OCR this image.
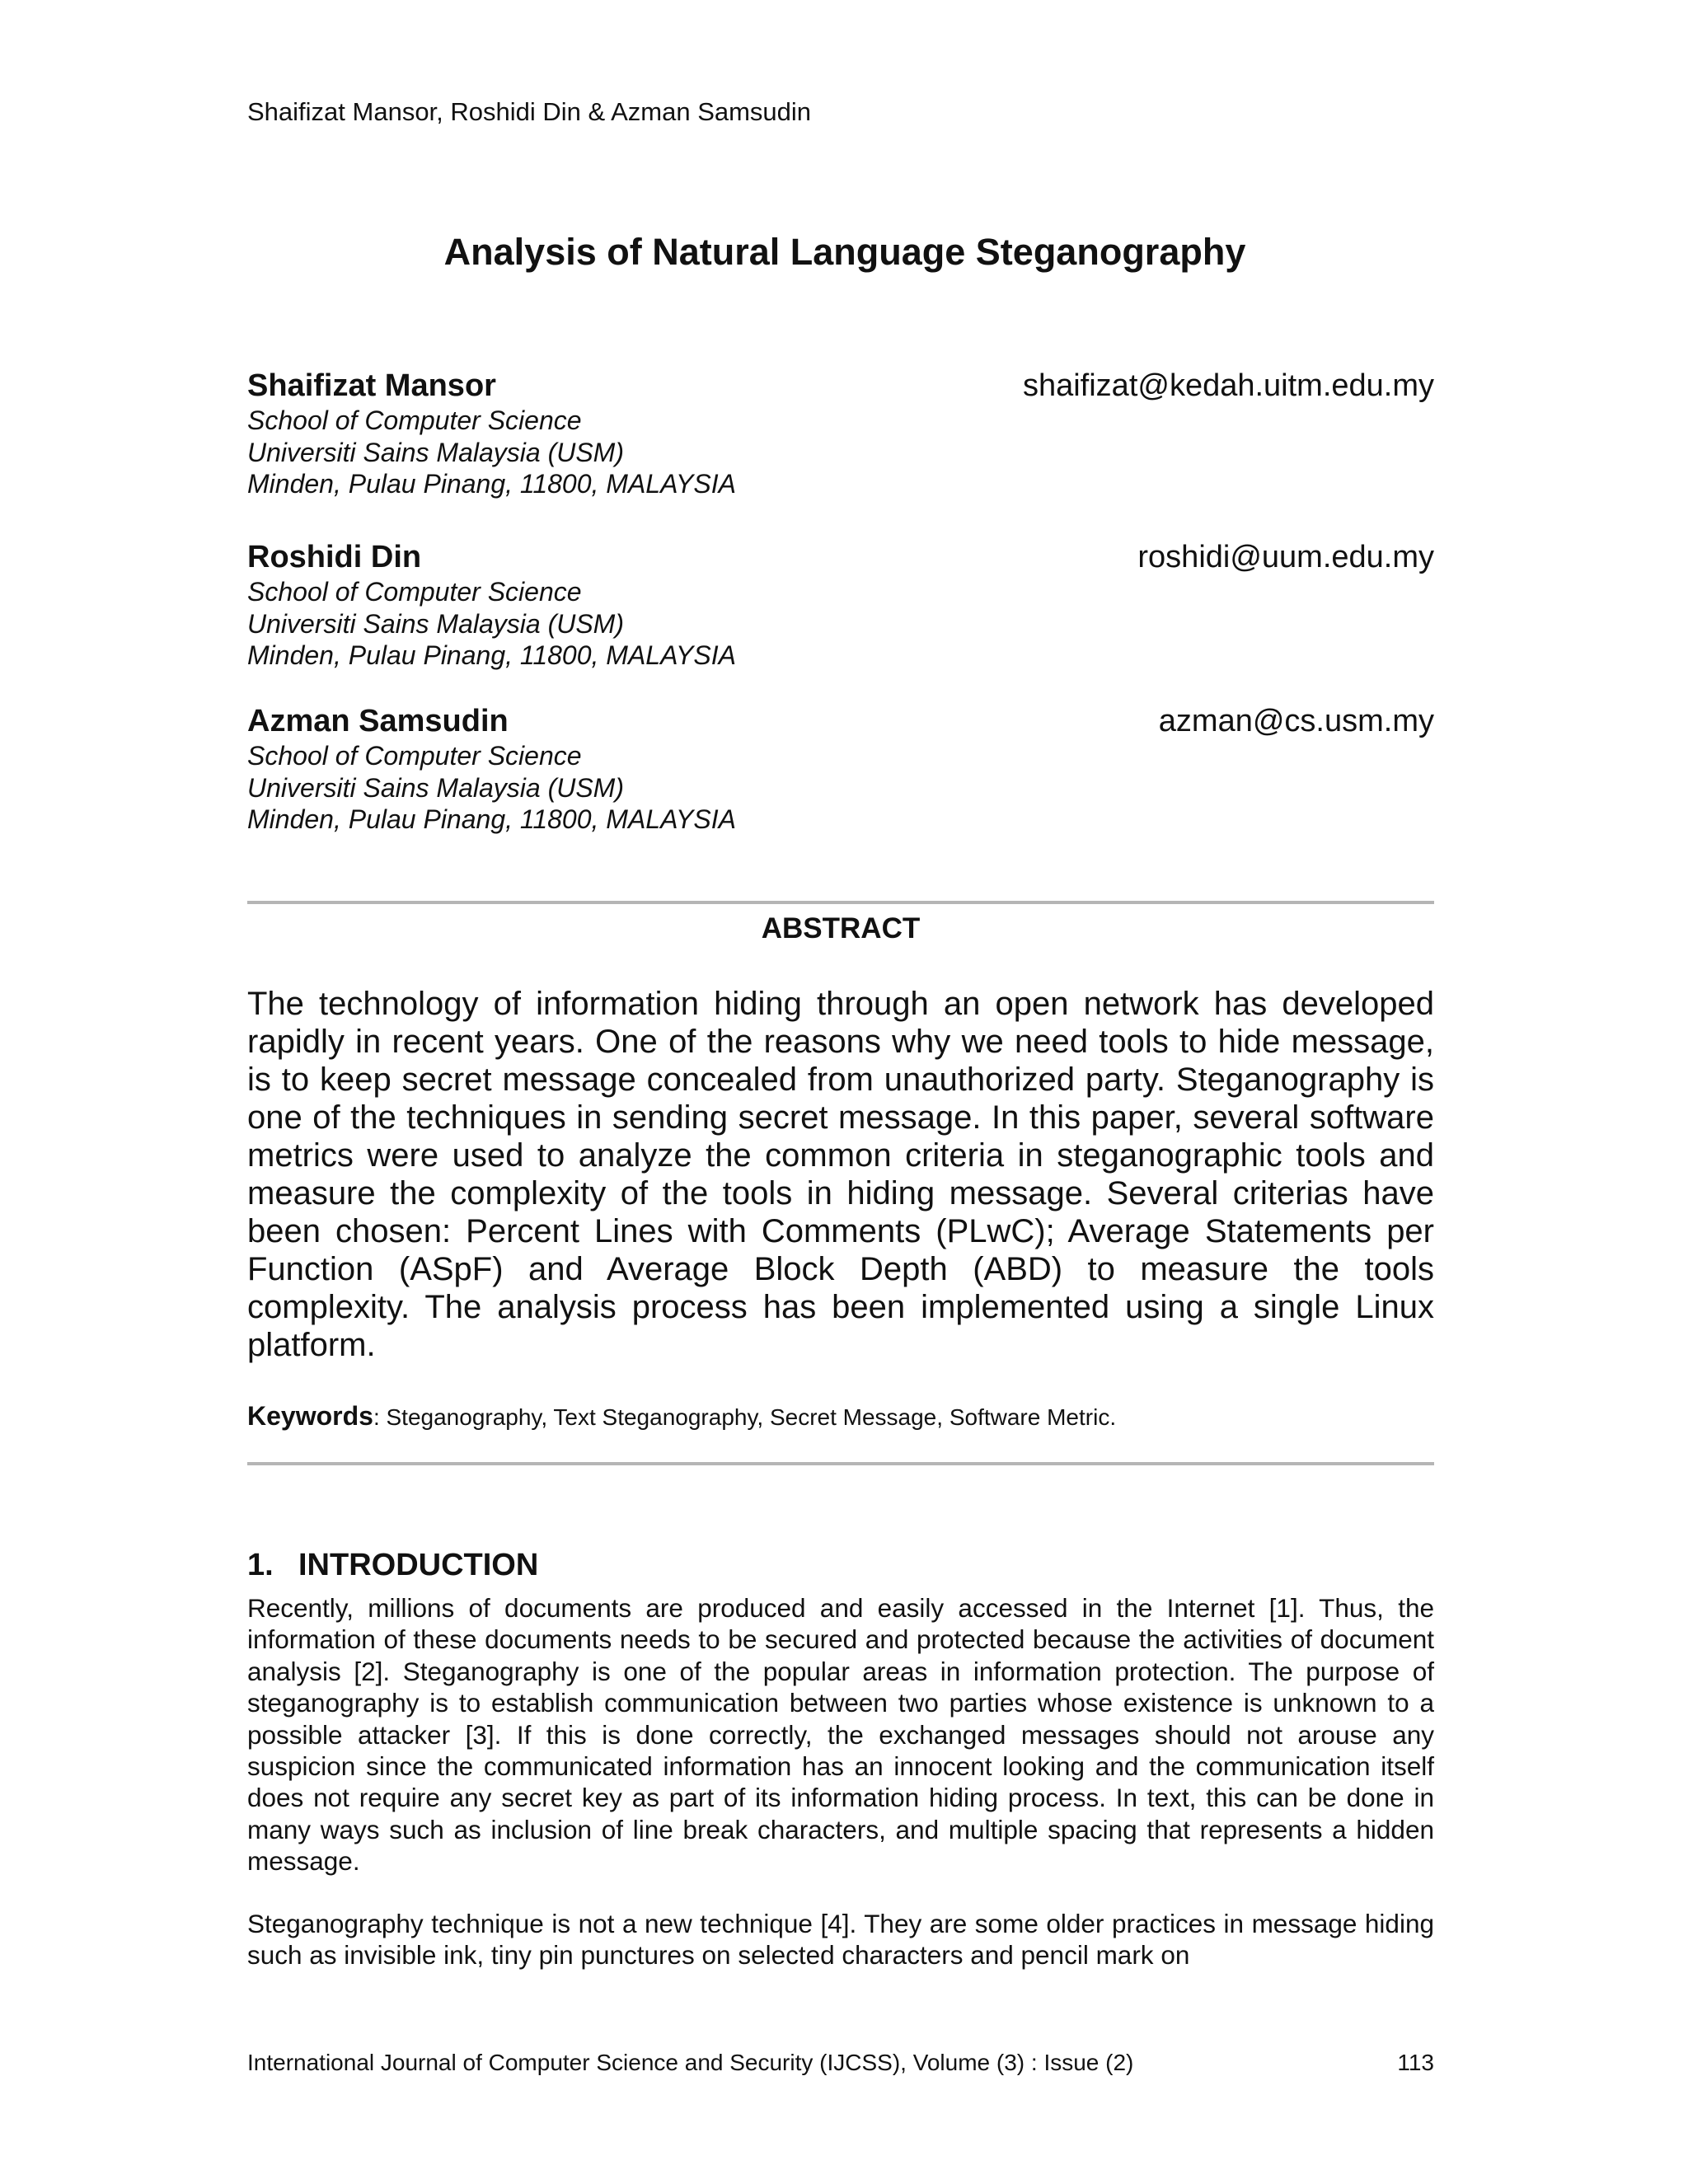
Shaifizat Mansor, Roshidi Din & Azman Samsudin
Analysis of Natural Language Steganography
Shaifizat Mansor	shaifizat@kedah.uitm.edu.my
School of Computer Science
Universiti Sains Malaysia (USM)
Minden, Pulau Pinang, 11800, MALAYSIA
Roshidi Din	roshidi@uum.edu.my
School of Computer Science
Universiti Sains Malaysia (USM)
Minden, Pulau Pinang, 11800, MALAYSIA
Azman Samsudin	azman@cs.usm.my
School of Computer Science
Universiti Sains Malaysia (USM)
Minden, Pulau Pinang, 11800, MALAYSIA
ABSTRACT
The technology of information hiding through an open network has developed rapidly in recent years. One of the reasons why we need tools to hide message, is to keep secret message concealed from unauthorized party. Steganography is one of the techniques in sending secret message. In this paper, several software metrics were used to analyze the common criteria in steganographic tools and measure the complexity of the tools in hiding message. Several criterias have been chosen: Percent Lines with Comments (PLwC); Average Statements per Function (ASpF) and Average Block Depth (ABD) to measure the tools complexity. The analysis process has been implemented using a single Linux platform.
Keywords: Steganography, Text Steganography, Secret Message, Software Metric.
1. INTRODUCTION
Recently, millions of documents are produced and easily accessed in the Internet [1]. Thus, the information of these documents needs to be secured and protected because the activities of document analysis [2]. Steganography is one of the popular areas in information protection. The purpose of steganography is to establish communication between two parties whose existence is unknown to a possible attacker [3]. If this is done correctly, the exchanged messages should not arouse any suspicion since the communicated information has an innocent looking and the communication itself does not require any secret key as part of its information hiding process. In text, this can be done in many ways such as inclusion of line break characters, and multiple spacing that represents a hidden message.
Steganography technique is not a new technique [4]. They are some older practices in message hiding such as invisible ink, tiny pin punctures on selected characters and pencil mark on
International Journal of Computer Science and Security (IJCSS), Volume (3) : Issue (2)	113
